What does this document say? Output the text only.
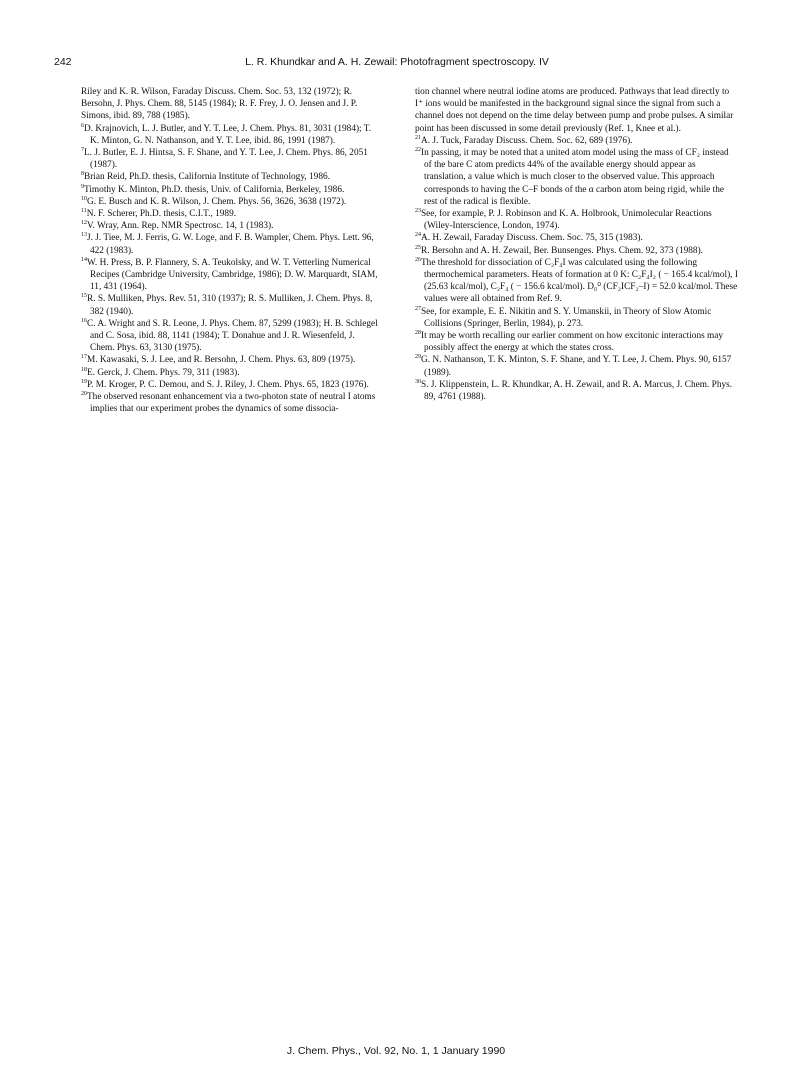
242	L. R. Khundkar and A. H. Zewail: Photofragment spectroscopy. IV

Riley and K. R. Wilson, Faraday Discuss. Chem. Soc. 53, 132 (1972); R. Bersohn, J. Phys. Chem. 88, 5145 (1984); R. F. Frey, J. O. Jensen and J. P. Simons, ibid. 89, 788 (1985).

$^6$D. Krajnovich, L. J. Butler, and Y. T. Lee, J. Chem. Phys. 81, 3031 (1984); T. K. Minton, G. N. Nathanson, and Y. T. Lee, ibid. 86, 1991 (1987).

$^7$L. J. Butler, E. J. Hintsa, S. F. Shane, and Y. T. Lee, J. Chem. Phys. 86, 2051 (1987).

$^8$Brian Reid, Ph.D. thesis, California Institute of Technology, 1986.

$^9$Timothy K. Minton, Ph.D. thesis, Univ. of California, Berkeley, 1986.

$^{10}$G. E. Busch and K. R. Wilson, J. Chem. Phys. 56, 3626, 3638 (1972).

$^{11}$N. F. Scherer, Ph.D. thesis, C.I.T., 1989.

$^{12}$V. Wray, Ann. Rep. NMR Spectrosc. 14, 1 (1983).

$^{13}$J. J. Tiee, M. J. Ferris, G. W. Loge, and F. B. Wampler, Chem. Phys. Lett. 96, 422 (1983).

$^{14}$W. H. Press, B. P. Flannery, S. A. Teukolsky, and W. T. Vetterling Numerical Recipes (Cambridge University, Cambridge, 1986); D. W. Marquardt, SIAM, 11, 431 (1964).

$^{15}$R. S. Mulliken, Phys. Rev. 51, 310 (1937); R. S. Mulliken, J. Chem. Phys. 8, 382 (1940).

$^{16}$C. A. Wright and S. R. Leone, J. Phys. Chem. 87, 5299 (1983); H. B. Schlegel and C. Sosa, ibid. 88, 1141 (1984); T. Donahue and J. R. Wiesenfeld, J. Chem. Phys. 63, 3130 (1975).

$^{17}$M. Kawasaki, S. J. Lee, and R. Bersohn, J. Chem. Phys. 63, 809 (1975).

$^{18}$E. Gerck, J. Chem. Phys. 79, 311 (1983).

$^{19}$P. M. Kroger, P. C. Demou, and S. J. Riley, J. Chem. Phys. 65, 1823 (1976).

$^{20}$The observed resonant enhancement via a two-photon state of neutral I atoms implies that our experiment probes the dynamics of some dissocia-

tion channel where neutral iodine atoms are produced. Pathways that lead directly to I⁺ ions would be manifested in the background signal since the signal from such a channel does not depend on the time delay between pump and probe pulses. A similar point has been discussed in some detail previously (Ref. 1, Knee et al.).

$^{21}$A. J. Tuck, Faraday Discuss. Chem. Soc. 62, 689 (1976).

$^{22}$In passing, it may be noted that a united atom model using the mass of CF₂ instead of the bare C atom predicts 44% of the available energy should appear as translation, a value which is much closer to the observed value. This approach corresponds to having the C–F bonds of the α carbon atom being rigid, while the rest of the radical is flexible.

$^{23}$See, for example, P. J. Robinson and K. A. Holbrook, Unimolecular Reactions (Wiley-Interscience, London, 1974).

$^{24}$A. H. Zewail, Faraday Discuss. Chem. Soc. 75, 315 (1983).

$^{25}$R. Bersohn and A. H. Zewail, Ber. Bunsenges. Phys. Chem. 92, 373 (1988).

$^{26}$The threshold for dissociation of C₂F₄I was calculated using the following thermochemical parameters. Heats of formation at 0 K: C₂F₄I₂ ( − 165.4 kcal/mol), I (25.63 kcal/mol), C₂F₄ ( − 156.6 kcal/mol). D₀⁰ (CF₂ICF₂–I) = 52.0 kcal/mol. These values were all obtained from Ref. 9.

$^{27}$See, for example, E. E. Nikitin and S. Y. Umanskii, in Theory of Slow Atomic Collisions (Springer, Berlin, 1984), p. 273.

$^{28}$It may be worth recalling our earlier comment on how excitonic interactions may possibly affect the energy at which the states cross.

$^{29}$G. N. Nathanson, T. K. Minton, S. F. Shane, and Y. T. Lee, J. Chem. Phys. 90, 6157 (1989).

$^{30}$S. J. Klippenstein, L. R. Khundkar, A. H. Zewail, and R. A. Marcus, J. Chem. Phys. 89, 4761 (1988).

J. Chem. Phys., Vol. 92, No. 1, 1 January 1990
